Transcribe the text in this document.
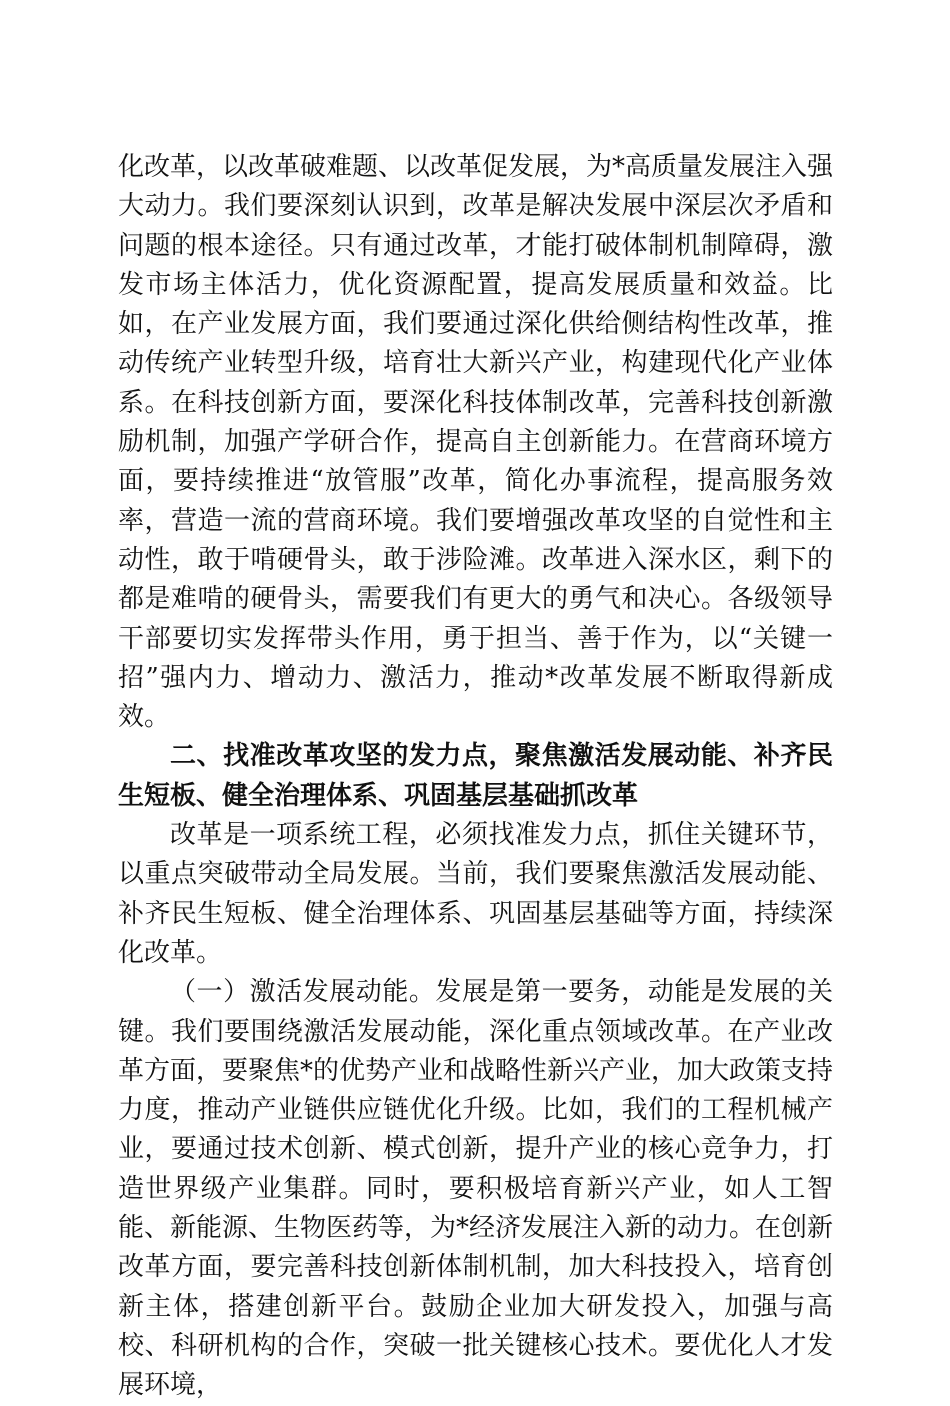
化改革，以改革破难题、以改革促发展，为*高质量发展注入强大动力。我们要深刻认识到，改革是解决发展中深层次矛盾和问题的根本途径。只有通过改革，才能打破体制机制障碍，激发市场主体活力，优化资源配置，提高发展质量和效益。比如，在产业发展方面，我们要通过深化供给侧结构性改革，推动传统产业转型升级，培育壮大新兴产业，构建现代化产业体系。在科技创新方面，要深化科技体制改革，完善科技创新激励机制，加强产学研合作，提高自主创新能力。在营商环境方面，要持续推进“放管服”改革，简化办事流程，提高服务效率，营造一流的营商环境。我们要增强改革攻坚的自觉性和主动性，敢于啃硬骨头，敢于涉险滩。改革进入深水区，剩下的都是难啃的硬骨头，需要我们有更大的勇气和决心。各级领导干部要切实发挥带头作用，勇于担当、善于作为，以“关键一招”强内力、增动力、激活力，推动*改革发展不断取得新成效。

二、找准改革攻坚的发力点，聚焦激活发展动能、补齐民生短板、健全治理体系、巩固基层基础抓改革

改革是一项系统工程，必须找准发力点，抓住关键环节，以重点突破带动全局发展。当前，我们要聚焦激活发展动能、补齐民生短板、健全治理体系、巩固基层基础等方面，持续深化改革。

（一）激活发展动能。发展是第一要务，动能是发展的关键。我们要围绕激活发展动能，深化重点领域改革。在产业改革方面，要聚焦*的优势产业和战略性新兴产业，加大政策支持力度，推动产业链供应链优化升级。比如，我们的工程机械产业，要通过技术创新、模式创新，提升产业的核心竞争力，打造世界级产业集群。同时，要积极培育新兴产业，如人工智能、新能源、生物医药等，为*经济发展注入新的动力。在创新改革方面，要完善科技创新体制机制，加大科技投入，培育创新主体，搭建创新平台。鼓励企业加大研发投入，加强与高校、科研机构的合作，突破一批关键核心技术。要优化人才发展环境，
